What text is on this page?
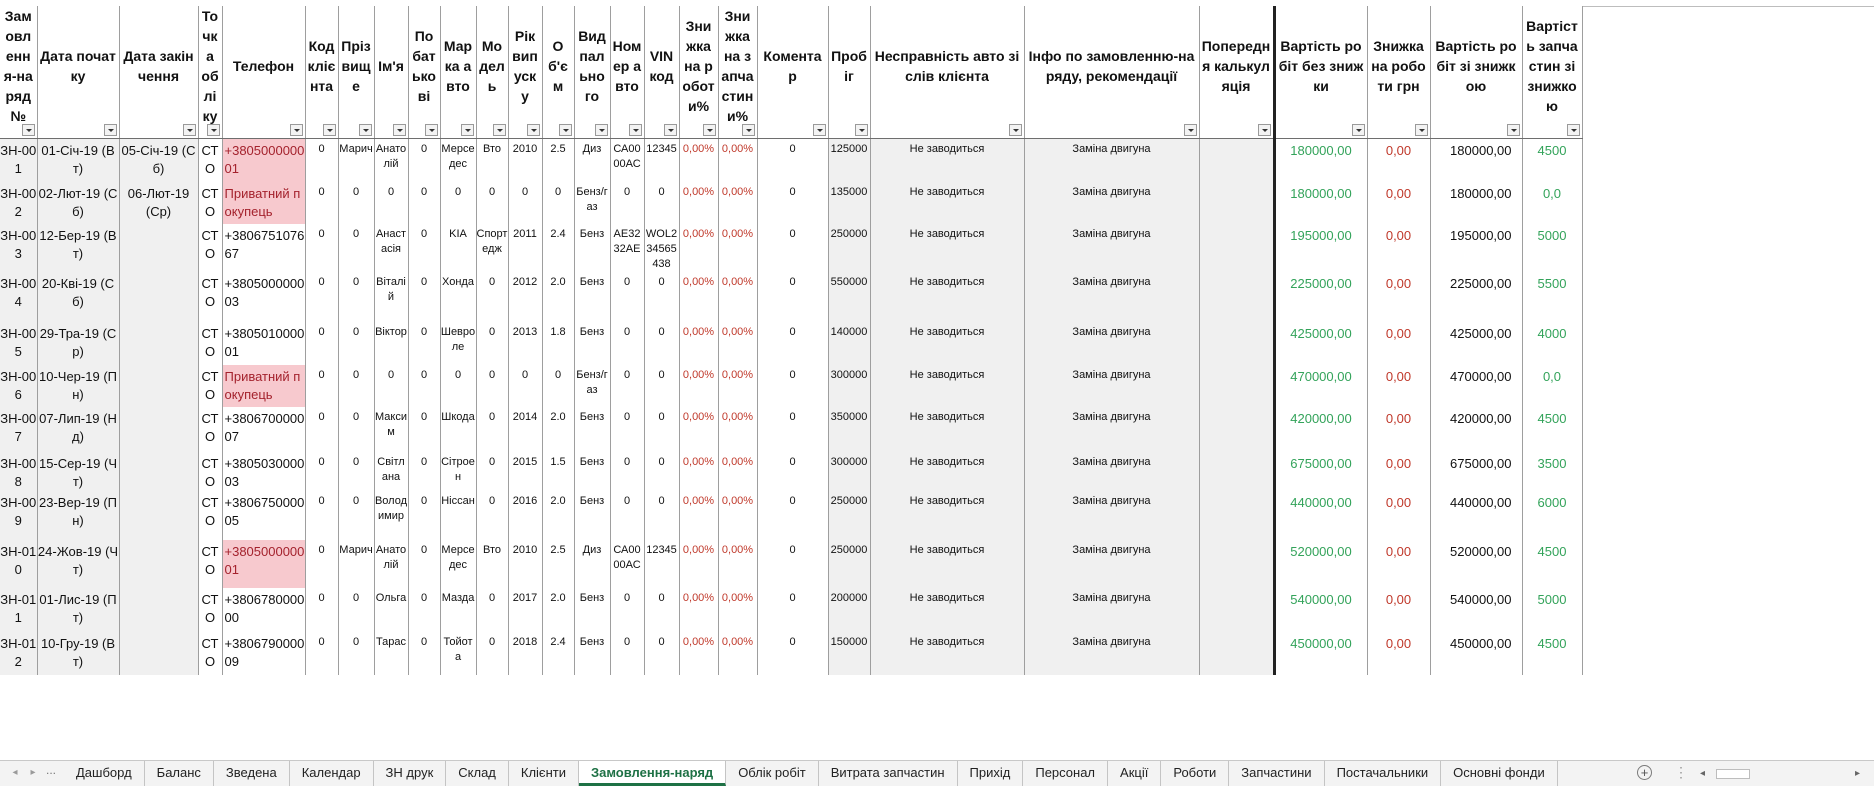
Замовлення-наряд№	Дата початку	Дата закінчення	Точка обліку	Телефон	Код клієнта	Прізвище	Ім'я	По батькові	Марка авто	Модель	Рік випуску	Об'єм	Вид пального	Номер авто	VIN код	Знижка на роботи%	Знижка на запчастини%	Коментар	Пробіг	Несправність авто зі слів клієнта	Інфо по замовленню-наряду, рекомендації	Попередня калькуляція	Вартість робіт без знижки	Знижка на роботи грн	Вартість робіт зі знижкою	Вартість запчастин зі знижкою

ЗН-001	01-Січ-19 (Вт)	05-Січ-19 (Сб)	СТО	+380500000001	0	Марич	Анатолій	0	Мерседес	Вто	2010	2.5	Диз	СА0000АС	12345	0,00%	0,00%	0	125000	Не заводиться	Заміна двигуна		180000,00	0,00	180000,00	4500
ЗН-002	02-Лют-19 (Сб)	06-Лют-19 (Ср)	СТО	Приватний покупець	0	0	0	0	0	0	0	0	Бенз/газ	0	0	0,00%	0,00%	0	135000	Не заводиться	Заміна двигуна		180000,00	0,00	180000,00	0,0
ЗН-003	12-Бер-19 (Вт)		СТО	+380675107667	0	0	Анастасія	0	KIA	Спортедж	2011	2.4	Бенз	АЕ3232АЕ	WOL234565438	0,00%	0,00%	0	250000	Не заводиться	Заміна двигуна		195000,00	0,00	195000,00	5000
ЗН-004	20-Кві-19 (Сб)		СТО	+380500000003	0	0	Віталій	0	Хонда	0	2012	2.0	Бенз	0	0	0,00%	0,00%	0	550000	Не заводиться	Заміна двигуна		225000,00	0,00	225000,00	5500
ЗН-005	29-Тра-19 (Ср)		СТО	+380501000001	0	0	Віктор	0	Шевроле	0	2013	1.8	Бенз	0	0	0,00%	0,00%	0	140000	Не заводиться	Заміна двигуна		425000,00	0,00	425000,00	4000
ЗН-006	10-Чер-19 (Пн)		СТО	Приватний покупець	0	0	0	0	0	0	0	0	Бенз/газ	0	0	0,00%	0,00%	0	300000	Не заводиться	Заміна двигуна		470000,00	0,00	470000,00	0,0
ЗН-007	07-Лип-19 (Нд)		СТО	+380670000007	0	0	Максим	0	Шкода	0	2014	2.0	Бенз	0	0	0,00%	0,00%	0	350000	Не заводиться	Заміна двигуна		420000,00	0,00	420000,00	4500
ЗН-008	15-Сер-19 (Чт)		СТО	+380503000003	0	0	Світлана	0	Сітроен	0	2015	1.5	Бенз	0	0	0,00%	0,00%	0	300000	Не заводиться	Заміна двигуна		675000,00	0,00	675000,00	3500
ЗН-009	23-Вер-19 (Пн)		СТО	+380675000005	0	0	Володимир	0	Ніссан	0	2016	2.0	Бенз	0	0	0,00%	0,00%	0	250000	Не заводиться	Заміна двигуна		440000,00	0,00	440000,00	6000
ЗН-010	24-Жов-19 (Чт)		СТО	+380500000001	0	Марич	Анатолій	0	Мерседес	Вто	2010	2.5	Диз	СА0000АС	12345	0,00%	0,00%	0	250000	Не заводиться	Заміна двигуна		520000,00	0,00	520000,00	4500
ЗН-011	01-Лис-19 (Пт)		СТО	+380678000000	0	0	Ольга	0	Мазда	0	2017	2.0	Бенз	0	0	0,00%	0,00%	0	200000	Не заводиться	Заміна двигуна		540000,00	0,00	540000,00	5000
ЗН-012	10-Гру-19 (Вт)		СТО	+380679000009	0	0	Тарас	0	Тойота	0	2018	2.4	Бенз	0	0	0,00%	0,00%	0	150000	Не заводиться	Заміна двигуна		450000,00	0,00	450000,00	4500
◂	▸ ...	Дашборд	Баланс	Зведена	Календар	ЗН друк	Склад	Клієнти	Замовлення-наряд	Облік робіт	Витрата запчастин	Прихід	Персонал	Акції	Роботи	Запчастини	Постачальники	Основні фонди	+ ⋮ ◂	▸
